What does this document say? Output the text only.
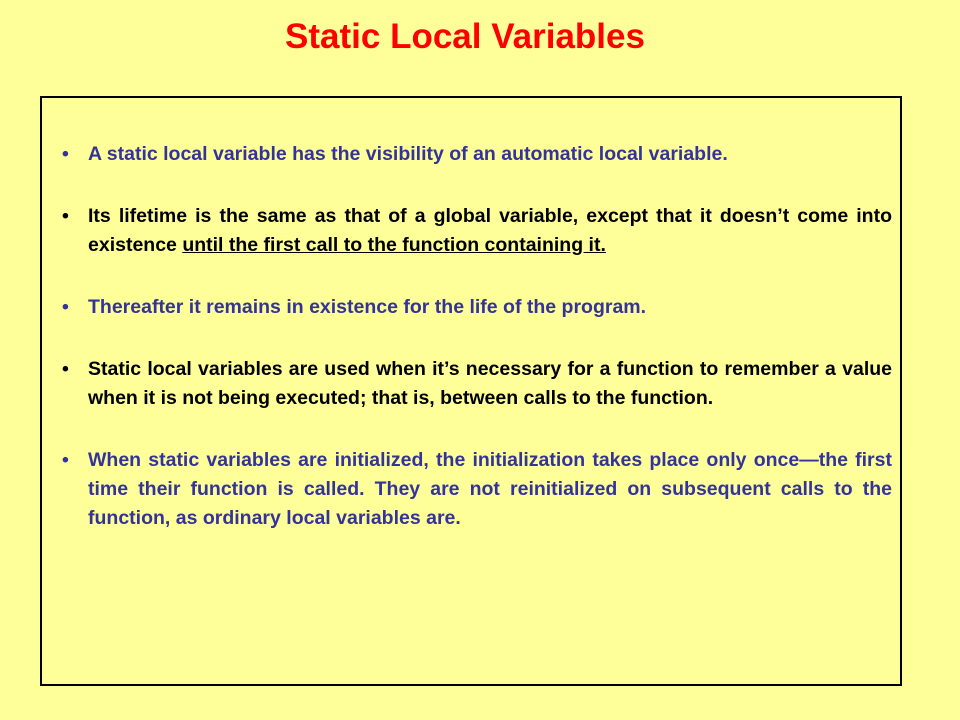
Static Local Variables
• A static local variable has the visibility of an automatic local variable.
• Its lifetime is the same as that of a global variable, except that it doesn’t come into existence until the first call to the function containing it.
• Thereafter it remains in existence for the life of the program.
• Static local variables are used when it’s necessary for a function to remember a value when it is not being executed; that is, between calls to the function.
• When static variables are initialized, the initialization takes place only once—the first time their function is called. They are not reinitialized on subsequent calls to the function, as ordinary local variables are.
